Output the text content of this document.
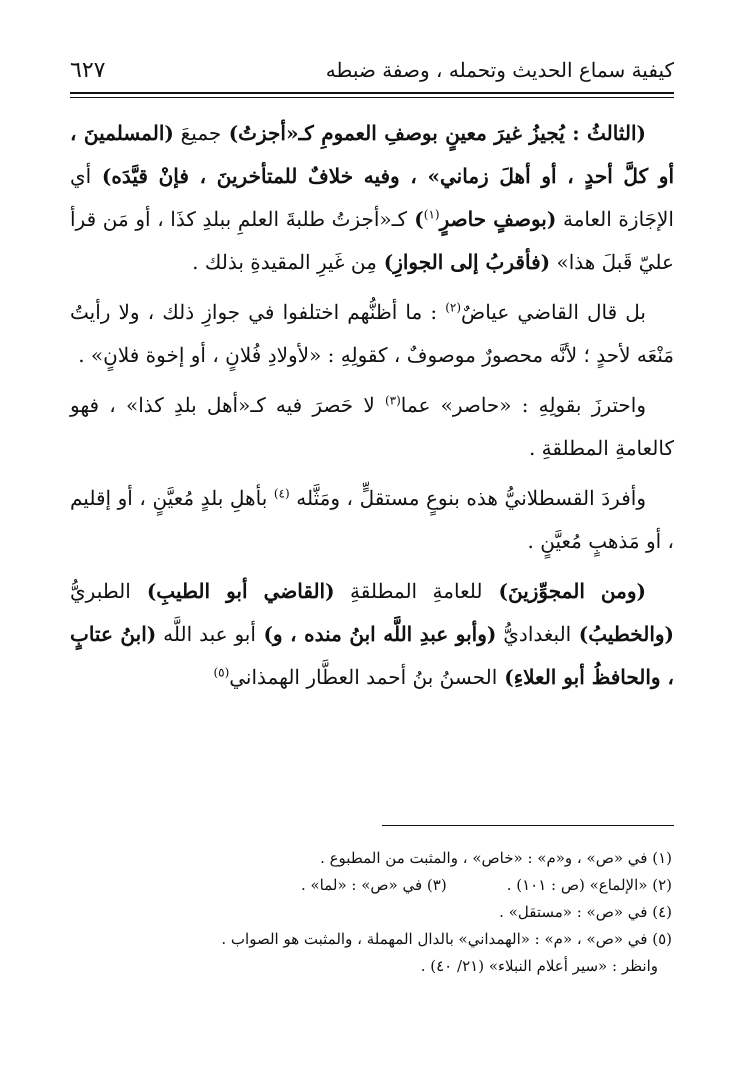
كيفية سماع الحديث وتحمله ، وصفة ضبطه
٦٢٧

(الثالثُ : يُجيزُ غيرَ معينٍ بوصفِ العمومِ كـ«أجزتُ) جميعَ (المسلمينَ ، أو كلَّ أحدٍ ، أو أهلَ زماني» ، وفيه خلافٌ للمتأخرينَ ، فإنْ قيَّدَه) أي الإجَازة العامة (بوصفٍ حاصرٍ$^{(١)}$) كـ«أجزتُ طلبةَ العلمِ ببلدِ كذَا ، أو مَن قرأ عليّ قَبلَ هذا» (فأقربُ إلى الجوازِ) مِن غَيرِ المقيدةِ بذلك .

بل قال القاضي عياضٌ$^{(٢)}$ : ما أظنُّهم اختلفوا في جوازِ ذلك ، ولا رأيتُ مَنْعَه لأحدٍ ؛ لأنَّه محصورٌ موصوفٌ ، كقولِهِ : «لأولادِ فُلانٍ ، أو إخوة فلانٍ» .

واحترزَ بقولِهِ : «حاصر» عما$^{(٣)}$ لا حَصرَ فيه كـ«أهل بلدِ كذا» ، فهو كالعامةِ المطلقةِ .

وأفردَ القسطلانيُّ هذه بنوعٍ مستقلٍّ ، ومَثَّله $^{(٤)}$ بأهلِ بلدٍ مُعيَّنٍ ، أو إقليم ، أو مَذهبٍ مُعيَّنٍ .

(ومن المجوِّزينَ) للعامةِ المطلقةِ (القاضي أبو الطيبِ) الطبريُّ (والخطيبُ) البغداديُّ (وأبو عبدِ اللَّه ابنُ منده ، و) أبو عبد اللَّه (ابنُ عتابٍ ، والحافظُ أبو العلاءِ) الحسنُ بنُ أحمد العطَّار الهمذاني$^{(٥)}$

(١) في «ص» ، و«م» : «خاص» ، والمثبت من المطبوع .
(٢) «الإلماع» (ص : ١٠١) .(٣) في «ص» : «لما» .
(٤) في «ص» : «مستقل» .
(٥) في «ص» ، «م» : «الهمداني» بالدال المهملة ، والمثبت هو الصواب .
وانظر : «سير أعلام النبلاء» (٢١/ ٤٠) .
